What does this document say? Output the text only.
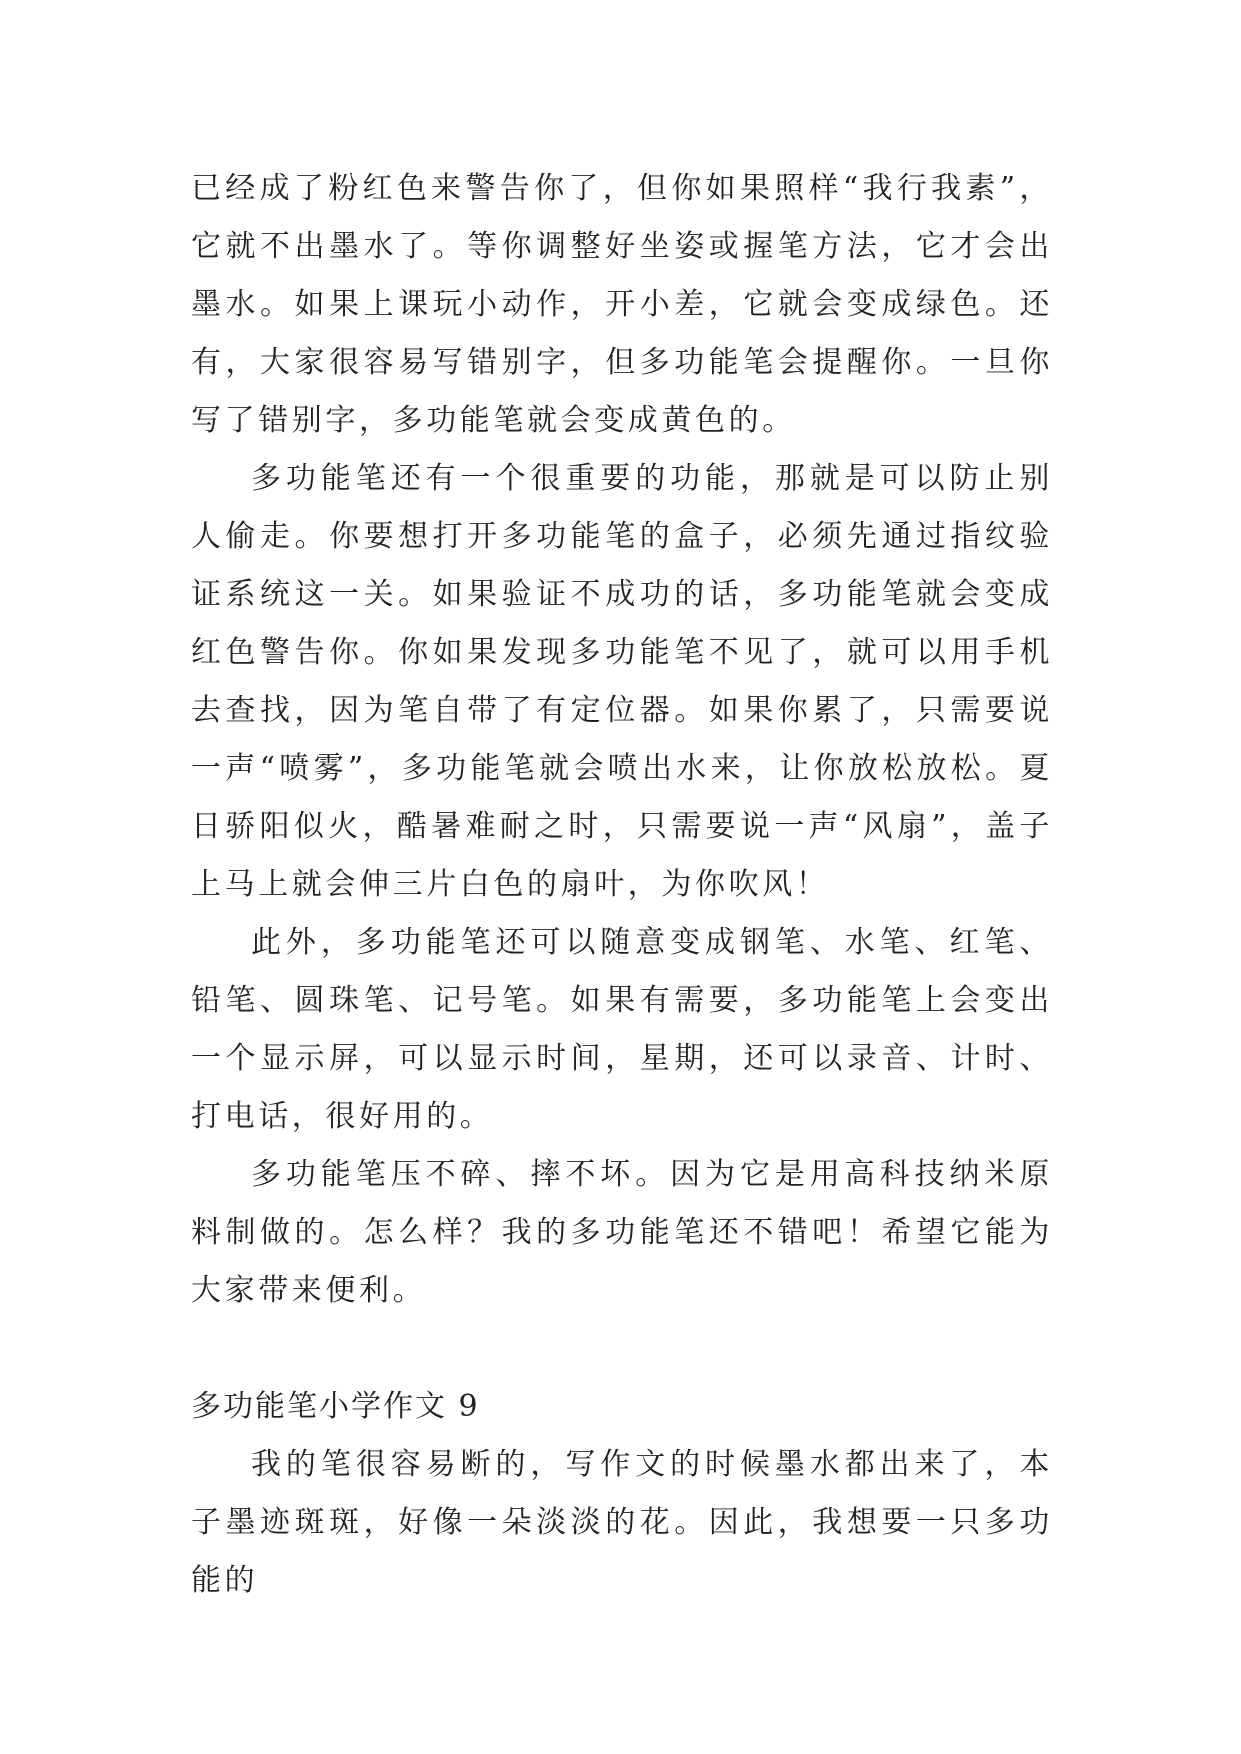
已经成了粉红色来警告你了，但你如果照样“我行我素”，它就不出墨水了。等你调整好坐姿或握笔方法，它才会出墨水。如果上课玩小动作，开小差，它就会变成绿色。还有，大家很容易写错别字，但多功能笔会提醒你。一旦你写了错别字，多功能笔就会变成黄色的。

多功能笔还有一个很重要的功能，那就是可以防止别人偷走。你要想打开多功能笔的盒子，必须先通过指纹验证系统这一关。如果验证不成功的话，多功能笔就会变成红色警告你。你如果发现多功能笔不见了，就可以用手机去查找，因为笔自带了有定位器。如果你累了，只需要说一声“喷雾”，多功能笔就会喷出水来，让你放松放松。夏日骄阳似火，酷暑难耐之时，只需要说一声“风扇”，盖子上马上就会伸三片白色的扇叶，为你吹风！

此外，多功能笔还可以随意变成钢笔、水笔、红笔、铅笔、圆珠笔、记号笔。如果有需要，多功能笔上会变出一个显示屏，可以显示时间，星期，还可以录音、计时、打电话，很好用的。

多功能笔压不碎、摔不坏。因为它是用高科技纳米原料制做的。怎么样？我的多功能笔还不错吧！希望它能为大家带来便利。

多功能笔小学作文 9

我的笔很容易断的，写作文的时候墨水都出来了，本子墨迹斑斑，好像一朵淡淡的花。因此，我想要一只多功能的
